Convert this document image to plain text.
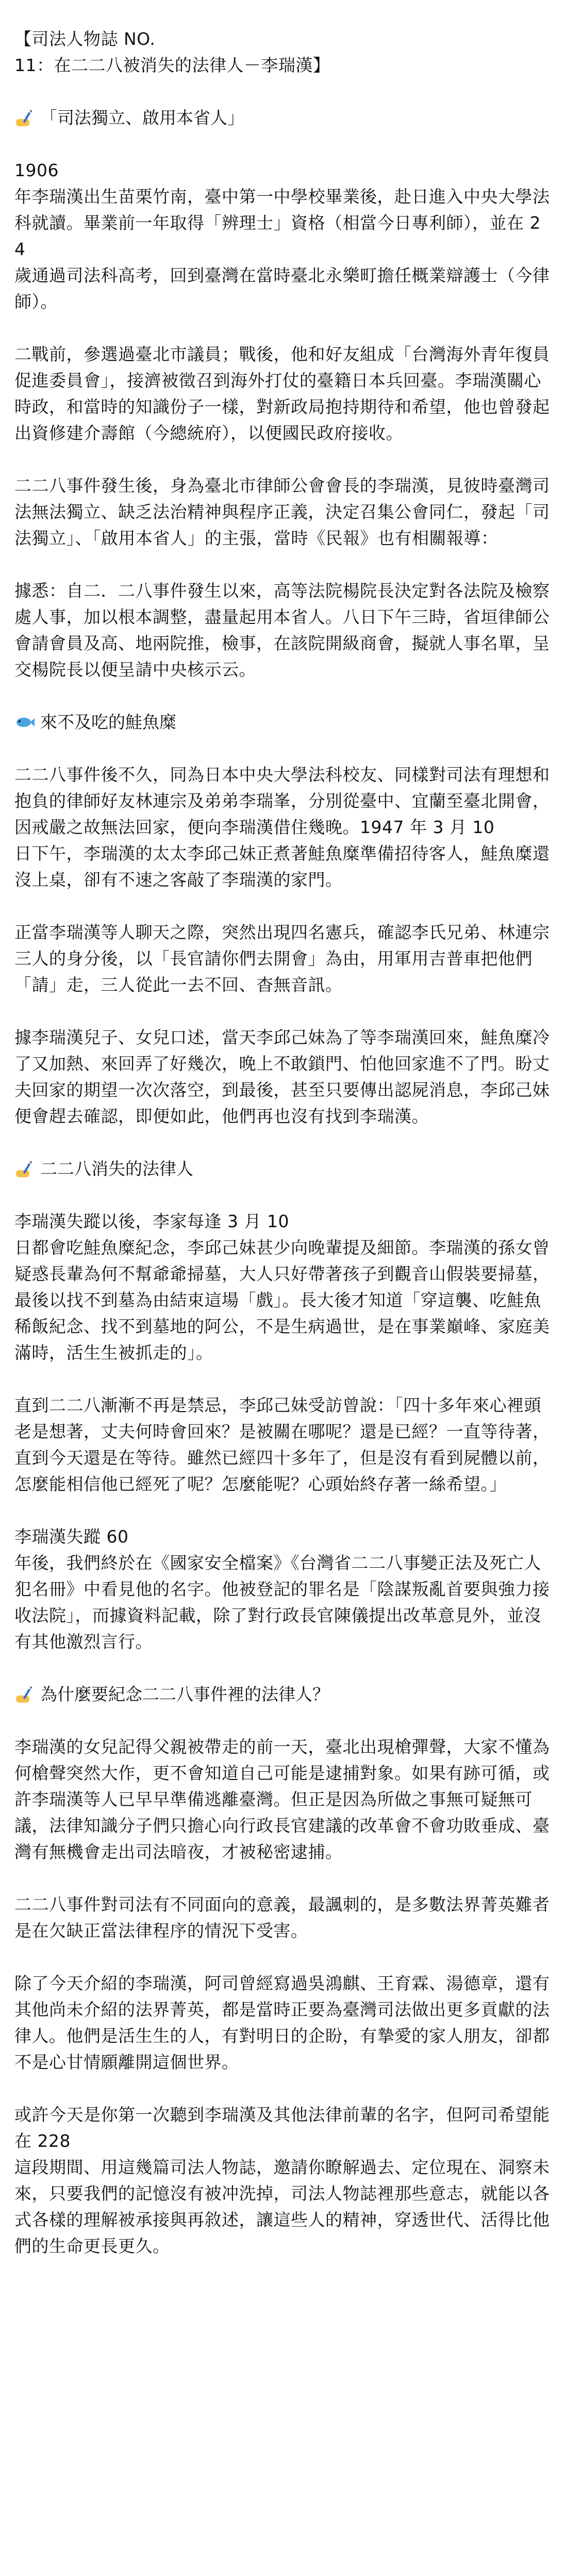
【司法人物誌 NO.
11：在二二八被消失的法律人－李瑞漢】
「司法獨立、啟用本省人」
1906
年李瑞漢出生苗栗竹南，臺中第一中學校畢業後，赴日進入中央大學法科就讀。畢業前一年取得「辨理士」資格（相當今日專利師），並在 24
歲通過司法科高考，回到臺灣在當時臺北永樂町擔任概業辯護士（今律師）。
二戰前，參選過臺北市議員；戰後，他和好友組成「台灣海外青年復員促進委員會」，接濟被徵召到海外打仗的臺籍日本兵回臺。李瑞漢關心時政，和當時的知識份子一樣，對新政局抱持期待和希望，他也曾發起出資修建介壽館（今總統府），以便國民政府接收。
二二八事件發生後，身為臺北市律師公會會長的李瑞漢，見彼時臺灣司法無法獨立、缺乏法治精神與程序正義，決定召集公會同仁，發起「司法獨立」、「啟用本省人」的主張，當時《民報》也有相關報導：
據悉：自二．二八事件發生以來，高等法院楊院長決定對各法院及檢察處人事，加以根本調整，盡量起用本省人。八日下午三時，省垣律師公會請會員及高、地兩院推，檢事，在該院開級商會，擬就人事名單，呈交楊院長以便呈請中央核示云。
來不及吃的鮭魚糜
二二八事件後不久，同為日本中央大學法科校友、同樣對司法有理想和抱負的律師好友林連宗及弟弟李瑞峯，分別從臺中、宜蘭至臺北開會，因戒嚴之故無法回家，便向李瑞漢借住幾晚。1947 年 3 月 10
日下午，李瑞漢的太太李邱己妹正煮著鮭魚糜準備招待客人，鮭魚糜還沒上桌，卻有不速之客敲了李瑞漢的家門。
正當李瑞漢等人聊天之際，突然出現四名憲兵，確認李氏兄弟、林連宗三人的身分後，以「長官請你們去開會」為由，用軍用吉普車把他們「請」走，三人從此一去不回、杳無音訊。
據李瑞漢兒子、女兒口述，當天李邱己妹為了等李瑞漢回來，鮭魚糜冷了又加熱、來回弄了好幾次，晚上不敢鎖門、怕他回家進不了門。盼丈夫回家的期望一次次落空，到最後，甚至只要傳出認屍消息，李邱己妹便會趕去確認，即便如此，他們再也沒有找到李瑞漢。
二二八消失的法律人
李瑞漢失蹤以後，李家每逢 3 月 10
日都會吃鮭魚糜紀念，李邱己妹甚少向晚輩提及細節。李瑞漢的孫女曾疑惑長輩為何不幫爺爺掃墓，大人只好帶著孩子到觀音山假裝要掃墓，最後以找不到墓為由結束這場「戲」。長大後才知道「穿這襲、吃鮭魚稀飯紀念、找不到墓地的阿公，不是生病過世，是在事業巔峰、家庭美滿時，活生生被抓走的」。
直到二二八漸漸不再是禁忌，李邱己妹受訪曾說：「四十多年來心裡頭老是想著，丈夫何時會回來？是被關在哪呢？還是已經？一直等待著，直到今天還是在等待。雖然已經四十多年了，但是沒有看到屍體以前，怎麼能相信他已經死了呢？怎麼能呢？心頭始終存著一絲希望。」
李瑞漢失蹤 60
年後，我們終於在《國家安全檔案》《台灣省二二八事變正法及死亡人犯名冊》中看見他的名字。他被登記的罪名是「陰謀叛亂首要與強力接收法院」，而據資料記載，除了對行政長官陳儀提出改革意見外，並沒有其他激烈言行。
為什麼要紀念二二八事件裡的法律人？
李瑞漢的女兒記得父親被帶走的前一天，臺北出現槍彈聲，大家不懂為何槍聲突然大作，更不會知道自己可能是逮捕對象。如果有跡可循，或許李瑞漢等人已早早準備逃離臺灣。但正是因為所做之事無可疑無可議，法律知識分子們只擔心向行政長官建議的改革會不會功敗垂成、臺灣有無機會走出司法暗夜，才被秘密逮捕。
二二八事件對司法有不同面向的意義，最諷刺的，是多數法界菁英難者是在欠缺正當法律程序的情況下受害。
除了今天介紹的李瑞漢，阿司曾經寫過吳鴻麒、王育霖、湯德章，還有其他尚未介紹的法界菁英，都是當時正要為臺灣司法做出更多貢獻的法律人。他們是活生生的人，有對明日的企盼，有摯愛的家人朋友，卻都不是心甘情願離開這個世界。
或許今天是你第一次聽到李瑞漢及其他法律前輩的名字，但阿司希望能在 228
這段期間、用這幾篇司法人物誌，邀請你瞭解過去、定位現在、洞察未來，只要我們的記憶沒有被冲洗掉，司法人物誌裡那些意志，就能以各式各樣的理解被承接與再敘述，讓這些人的精神，穿透世代、活得比他們的生命更長更久。
